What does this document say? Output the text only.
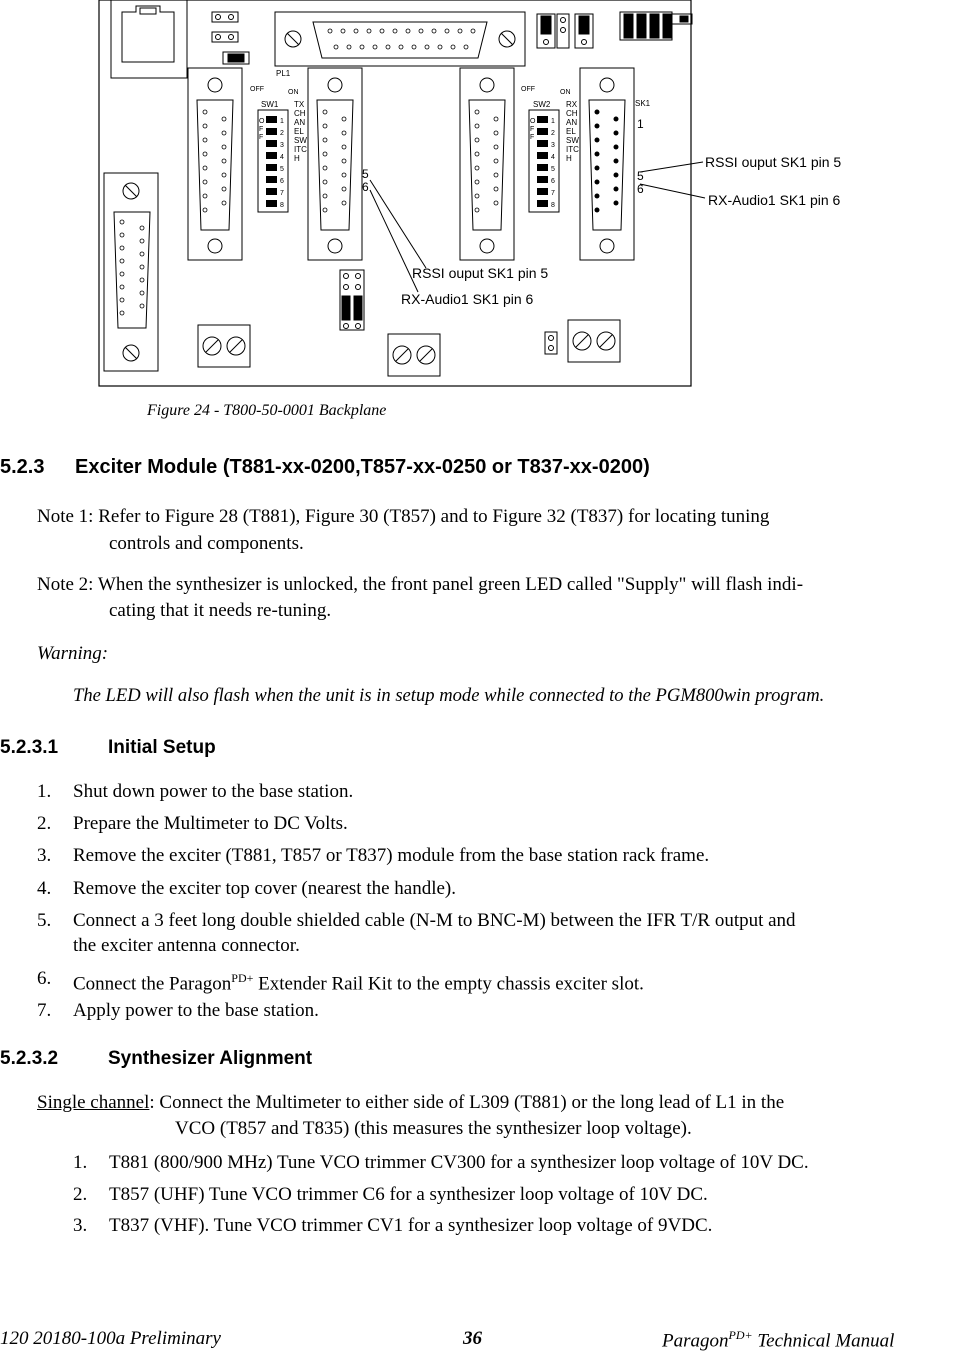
PL1
OFF	ON	OFF	ON
SW1	SW2	SK1
TX
CH
AN
EL
SW
ITC
H
RX
CH
AN
EL
SW
ITC
H
O
F
F
O
F
F
1
2
3
4
5
6
7
8
1
2
3
4
5
6
7
8
5
6
1
5
6
RSSI ouput SK1 pin 5
RX-Audio1 SK1 pin 6
RSSI ouput SK1 pin 5
RX-Audio1 SK1 pin 6
Figure 24 - T800-50-0001 Backplane
5.2.3 Exciter Module (T881-xx-0200,T857-xx-0250 or T837-xx-0200)
Note 1: Refer to Figure 28 (T881), Figure 30 (T857) and to Figure 32 (T837) for locating tuning
controls and components.
Note 2: When the synthesizer is unlocked, the front panel green LED called "Supply" will flash indi-
cating that it needs re-tuning.
Warning:
The LED will also flash when the unit is in setup mode while connected to the PGM800win program.
5.2.3.1	Initial Setup
1. Shut down power to the base station.
2. Prepare the Multimeter to DC Volts.
3. Remove the exciter (T881, T857 or T837) module from the base station rack frame.
4. Remove the exciter top cover (nearest the handle).
5. Connect a 3 feet long double shielded cable (N-M to BNC-M) between the IFR T/R output and
the exciter antenna connector.
6. Connect the Paragon$^{PD+}$ Extender Rail Kit to the empty chassis exciter slot.
7. Apply power to the base station.
5.2.3.2	Synthesizer Alignment
Single channel: Connect the Multimeter to either side of L309 (T881) or the long lead of L1 in the
VCO (T857 and T835) (this measures the synthesizer loop voltage).
1. T881 (800/900 MHz) Tune VCO trimmer CV300 for a synthesizer loop voltage of 10V DC.
2. T857 (UHF) Tune VCO trimmer C6 for a synthesizer loop voltage of 10V DC.
3. T837 (VHF). Tune VCO trimmer CV1 for a synthesizer loop voltage of 9VDC.
120 20180-100a Preliminary	36	Paragon$^{PD+}$ Technical Manual
